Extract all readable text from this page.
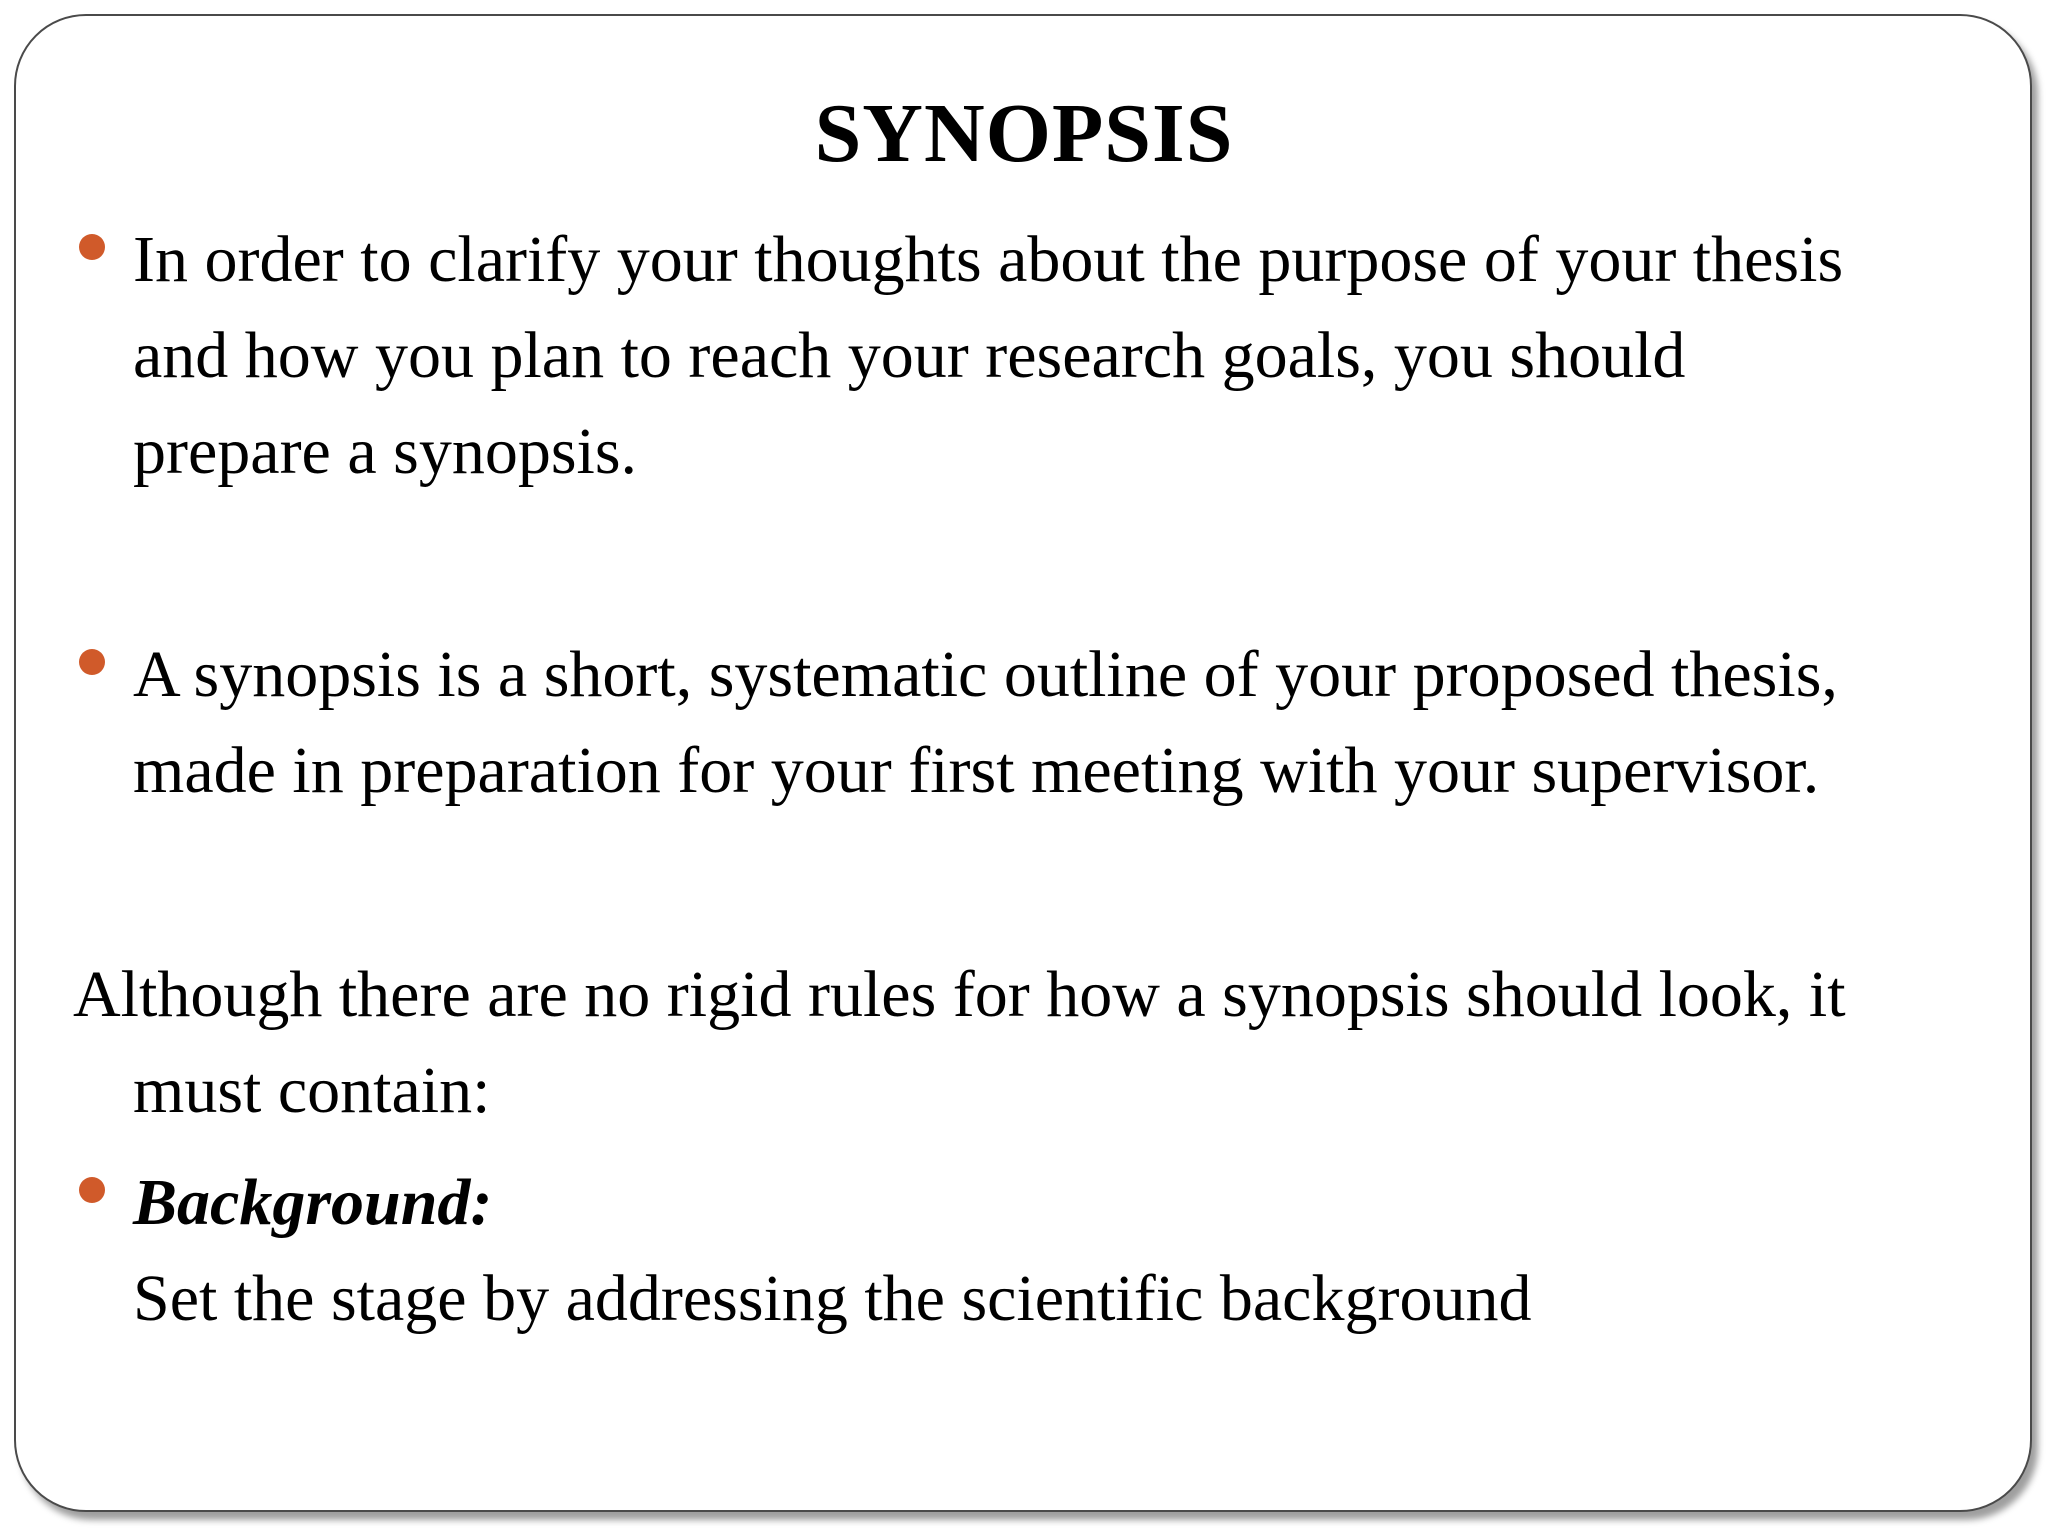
SYNOPSIS
In order to clarify your thoughts about the purpose of your thesis
and how you plan to reach your research goals, you should
prepare a synopsis.
A synopsis is a short, systematic outline of your proposed thesis,
made in preparation for your first meeting with your supervisor.
Although there are no rigid rules for how a synopsis should look, it
must contain:
Background:
Set the stage by addressing the scientific background
